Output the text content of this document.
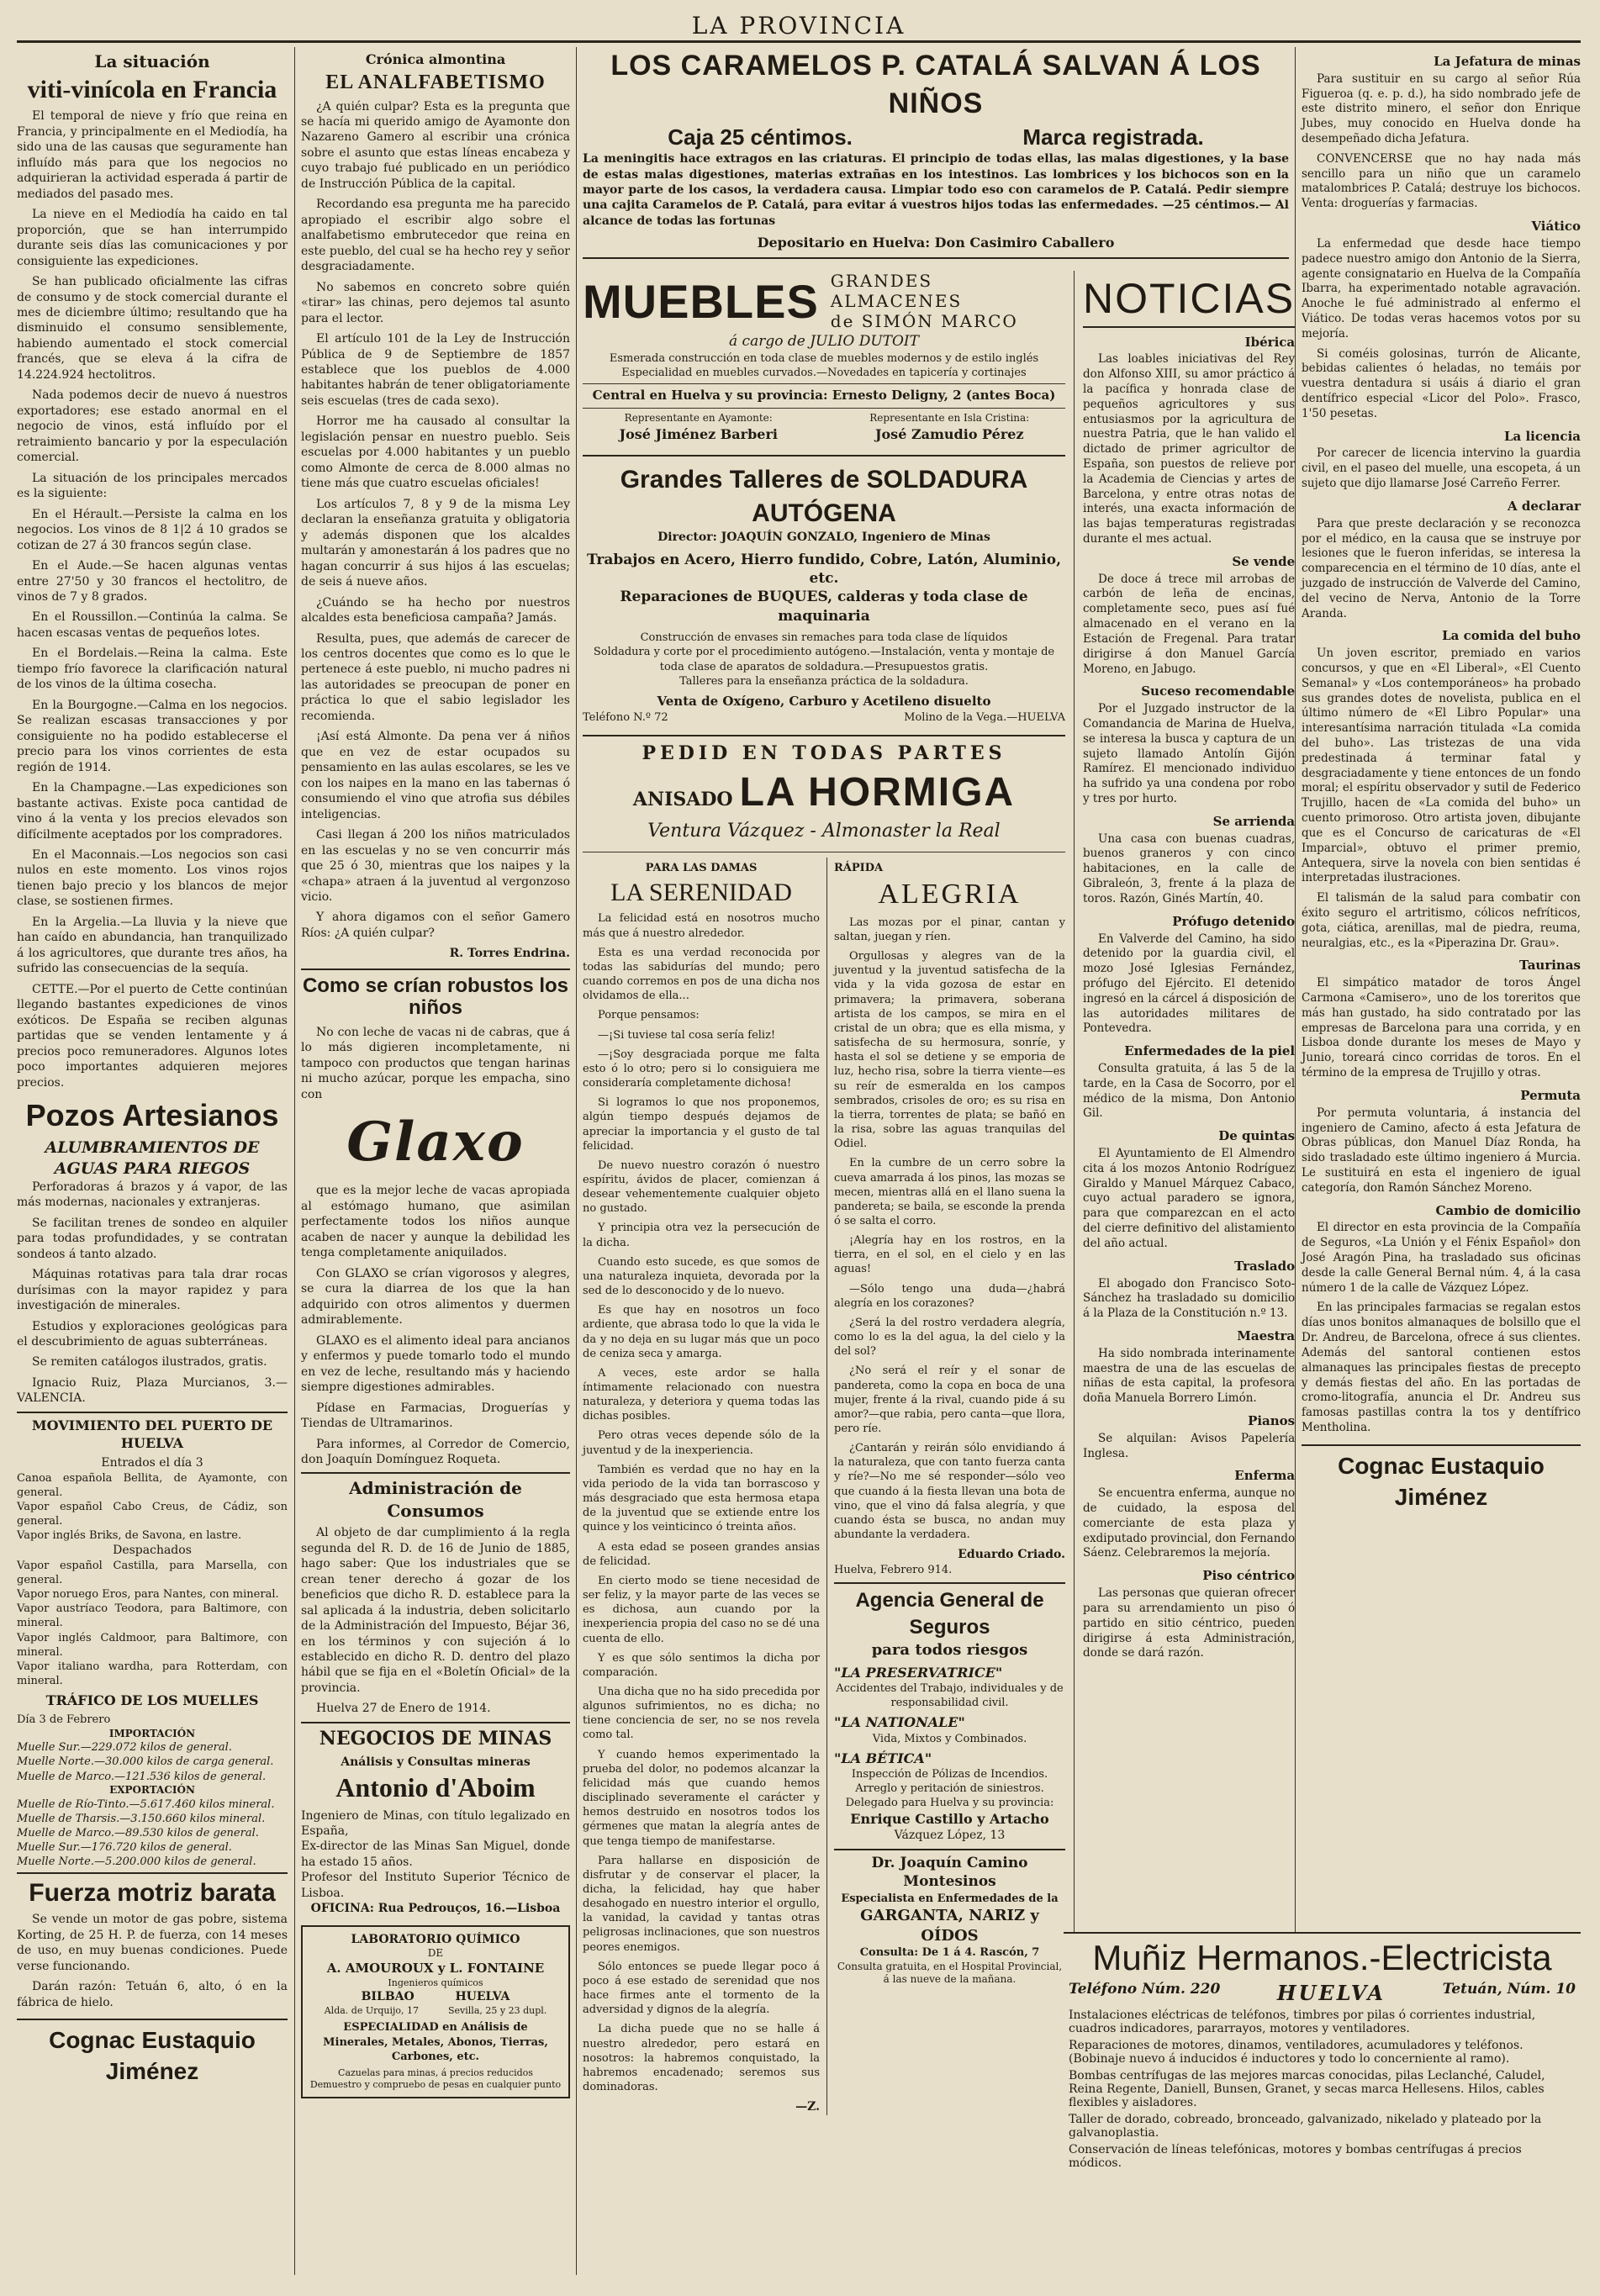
LA PROVINCIA
La situación
viti-vinícola en Francia

El temporal de nieve y frío que reina en Francia, y principalmente en el Mediodía, ha sido una de las causas que seguramente han influído más para que los negocios no adquirieran la actividad esperada á partir de mediados del pasado mes.

La nieve en el Mediodía ha caido en tal proporción, que se han interrumpido durante seis días las comunicaciones y por consiguiente las expediciones.

Se han publicado oficialmente las cifras de consumo y de stock comercial durante el mes de diciembre último; resultando que ha disminuido el consumo sensiblemente, habiendo aumentado el stock comercial francés, que se eleva á la cifra de 14.224.924 hectolitros.

Nada podemos decir de nuevo á nuestros exportadores; ese estado anormal en el negocio de vinos, está influído por el retraimiento bancario y por la especulación comercial.

La situación de los principales mercados es la siguiente:

En el Hérault.—Persiste la calma en los negocios. Los vinos de 8 1|2 á 10 grados se cotizan de 27 á 30 francos según clase.

En el Aude.—Se hacen algunas ventas entre 27'50 y 30 francos el hectolitro, de vinos de 7 y 8 grados.

En el Roussillon.—Continúa la calma. Se hacen escasas ventas de pequeños lotes.

En el Bordelais.—Reina la calma. Este tiempo frío favorece la clarificación natural de los vinos de la última cosecha.

En la Bourgogne.—Calma en los negocios. Se realizan escasas transacciones y por consiguiente no ha podido establecerse el precio para los vinos corrientes de esta región de 1914.

En la Champagne.—Las expediciones son bastante activas. Existe poca cantidad de vino á la venta y los precios elevados son difícilmente aceptados por los compradores.

En el Maconnais.—Los negocios son casi nulos en este momento. Los vinos rojos tienen bajo precio y los blancos de mejor clase, se sostienen firmes.

En la Argelia.—La lluvia y la nieve que han caído en abundancia, han tranquilizado á los agricultores, que durante tres años, ha sufrido las consecuencias de la sequía.

CETTE.—Por el puerto de Cette continúan llegando bastantes expediciones de vinos exóticos. De España se reciben algunas partidas que se venden lentamente y á precios poco remuneradores. Algunos lotes poco importantes adquieren mejores precios.

Pozos Artesianos
ALUMBRAMIENTOS DE AGUAS PARA RIEGOS

Perforadoras á brazos y á vapor, de las más modernas, nacionales y extranjeras.

Se facilitan trenes de sondeo en alquiler para todas profundidades, y se contratan sondeos á tanto alzado.

Máquinas rotativas para tala drar rocas durísimas con la mayor rapidez y para investigación de minerales.

Estudios y exploraciones geológicas para el descubrimiento de aguas subterráneas.

Se remiten catálogos ilustrados, gratis.

Ignacio Ruiz, Plaza Murcianos, 3.—VALENCIA.

MOVIMIENTO DEL PUERTO DE HUELVA
Entrados el día 3
Canoa española Bellita, de Ayamonte, con general.
Vapor español Cabo Creus, de Cádiz, son general.
Vapor inglés Briks, de Savona, en lastre.
Despachados
Vapor español Castilla, para Marsella, con general.
Vapor noruego Eros, para Nantes, con mineral.
Vapor austríaco Teodora, para Baltimore, con mineral.
Vapor inglés Caldmoor, para Baltimore, con mineral.
Vapor italiano wardha, para Rotterdam, con mineral.
TRÁFICO DE LOS MUELLES
Día 3 de Febrero
IMPORTACIÓN
Muelle Sur.—229.072 kilos de general.
Muelle Norte.—30.000 kilos de carga general.
Muelle de Marco.—121.536 kilos de general.
EXPORTACIÓN
Muelle de Río-Tinto.—5.617.460 kilos mineral.
Muelle de Tharsis.—3.150.660 kilos mineral.
Muelle de Marco.—89.530 kilos de general.
Muelle Sur.—176.720 kilos de general.
Muelle Norte.—5.200.000 kilos de general.
Fuerza motriz barata

Se vende un motor de gas pobre, sistema Korting, de 25 H. P. de fuerza, con 14 meses de uso, en muy buenas condiciones. Puede verse funcionando.

Darán razón: Tetuán 6, alto, ó en la fábrica de hielo.

Cognac Eustaquio Jiménez
Crónica almontina
EL ANALFABETISMO

¿A quién culpar? Esta es la pregunta que se hacía mi querido amigo de Ayamonte don Nazareno Gamero al escribir una crónica sobre el asunto que estas líneas encabeza y cuyo trabajo fué publicado en un periódico de Instrucción Pública de la capital.

Recordando esa pregunta me ha parecido apropiado el escribir algo sobre el analfabetismo embrutecedor que reina en este pueblo, del cual se ha hecho rey y señor desgraciadamente.

No sabemos en concreto sobre quién «tirar» las chinas, pero dejemos tal asunto para el lector.

El artículo 101 de la Ley de Instrucción Pública de 9 de Septiembre de 1857 establece que los pueblos de 4.000 habitantes habrán de tener obligatoriamente seis escuelas (tres de cada sexo).

Horror me ha causado al consultar la legislación pensar en nuestro pueblo. Seis escuelas por 4.000 habitantes y un pueblo como Almonte de cerca de 8.000 almas no tiene más que cuatro escuelas oficiales!

Los artículos 7, 8 y 9 de la misma Ley declaran la enseñanza gratuita y obligatoria y además disponen que los alcaldes multarán y amonestarán á los padres que no hagan concurrir á sus hijos á las escuelas; de seis á nueve años.

¿Cuándo se ha hecho por nuestros alcaldes esta beneficiosa campaña? Jamás.

Resulta, pues, que además de carecer de los centros docentes que como es lo que le pertenece á este pueblo, ni mucho padres ni las autoridades se preocupan de poner en práctica lo que el sabio legislador les recomienda.

¡Así está Almonte. Da pena ver á niños que en vez de estar ocupados su pensamiento en las aulas escolares, se les ve con los naipes en la mano en las tabernas ó consumiendo el vino que atrofia sus débiles inteligencias.

Casi llegan á 200 los niños matriculados en las escuelas y no se ven concurrir más que 25 ó 30, mientras que los naipes y la «chapa» atraen á la juventud al vergonzoso vicio.

Y ahora digamos con el señor Gamero Ríos: ¿A quién culpar?

R. Torres Endrina.
Como se crían robustos los niños

No con leche de vacas ni de cabras, que á lo más digieren incompletamente, ni tampoco con productos que tengan harinas ni mucho azúcar, porque les empacha, sino con

Glaxo

que es la mejor leche de vacas apropiada al estómago humano, que asimilan perfectamente todos los niños aunque acaben de nacer y aunque la debilidad les tenga completamente aniquilados.

Con GLAXO se crían vigorosos y alegres, se cura la diarrea de los que la han adquirido con otros alimentos y duermen admirablemente.

GLAXO es el alimento ideal para ancianos y enfermos y puede tomarlo todo el mundo en vez de leche, resultando más y haciendo siempre digestiones admirables.

Pídase en Farmacias, Droguerías y Tiendas de Ultramarinos.

Para informes, al Corredor de Comercio, don Joaquín Domínguez Roqueta.

Administración de Consumos

Al objeto de dar cumplimiento á la regla segunda del R. D. de 16 de Junio de 1885, hago saber: Que los industriales que se crean tener derecho á gozar de los beneficios que dicho R. D. establece para la sal aplicada á la industria, deben solicitarlo de la Administración del Impuesto, Béjar 36, en los términos y con sujeción á lo establecido en dicho R. D. dentro del plazo hábil que se fija en el «Boletín Oficial» de la provincia.

Huelva 27 de Enero de 1914.

NEGOCIOS DE MINAS
Análisis y Consultas mineras
Antonio d'Aboim
Ingeniero de Minas, con título legalizado en España,
Ex-director de las Minas San Miguel, donde ha estado 15 años.
Profesor del Instituto Superior Técnico de Lisboa.
OFICINA: Rua Pedrouços, 16.—Lisboa
LABORATORIO QUÍMICO
DE
A. AMOUROUX y L. FONTAINE
Ingenieros químicos
BILBAO          HUELVA
Alda. de Urquijo, 17          Sevilla, 25 y 23 dupl.
ESPECIALIDAD en Análisis de Minerales, Metales, Abonos, Tierras, Carbones, etc.
Cazuelas para minas, á precios reducidos
Demuestro y compruebo de pesas en cualquier punto
LOS CARAMELOS P. CATALÁ SALVAN Á LOS NIÑOS
Caja 25 céntimos.	Marca registrada.

La meningitis hace extragos en las criaturas. El principio de todas ellas, las malas digestiones, y la base de estas malas digestiones, materias extrañas en los intestinos. Las lombrices y los bichocos son en la mayor parte de los casos, la verdadera causa. Limpiar todo eso con caramelos de P. Catalá. Pedir siempre una cajita Caramelos de P. Catalá, para evitar á vuestros hijos todas las enfermedades. —25 céntimos.— Al alcance de todas las fortunas

Depositario en Huelva: Don Casimiro Caballero
MUEBLES GRANDES ALMACENES
de SIMÓN MARCO
á cargo de JULIO DUTOIT
Esmerada construcción en toda clase de muebles modernos y de estilo inglés
Especialidad en muebles curvados.—Novedades en tapicería y cortinajes
Central en Huelva y su provincia: Ernesto Deligny, 2 (antes Boca)
Representante en Ayamonte:
José Jiménez Barberi
Representante en Isla Cristina:
José Zamudio Pérez
Grandes Talleres de SOLDADURA AUTÓGENA
Director: JOAQUÍN GONZALO, Ingeniero de Minas
Trabajos en Acero, Hierro fundido, Cobre, Latón, Aluminio, etc.
Reparaciones de BUQUES, calderas y toda clase de maquinaria
Construcción de envases sin remaches para toda clase de líquidos
Soldadura y corte por el procedimiento autógeno.—Instalación, venta y montaje de toda clase de aparatos de soldadura.—Presupuestos gratis.
Talleres para la enseñanza práctica de la soldadura.
Venta de Oxígeno, Carburo y Acetileno disuelto
Teléfono N.º 72	Molino de la Vega.—HUELVA
PEDID EN TODAS PARTES
ANISADO LA HORMIGA
Ventura Vázquez - Almonaster la Real
PARA LAS DAMAS
LA SERENIDAD

La felicidad está en nosotros mucho más que á nuestro alrededor.

Esta es una verdad reconocida por todas las sabidurías del mundo; pero cuando corremos en pos de una dicha nos olvidamos de ella...

Porque pensamos:

—¡Si tuviese tal cosa sería feliz!

—¡Soy desgraciada porque me falta esto ó lo otro; pero si lo consiguiera me consideraría completamente dichosa!

Si logramos lo que nos proponemos, algún tiempo después dejamos de apreciar la importancia y el gusto de tal felicidad.

De nuevo nuestro corazón ó nuestro espíritu, ávidos de placer, comienzan á desear vehementemente cualquier objeto no gustado.

Y principia otra vez la persecución de la dicha.

Cuando esto sucede, es que somos de una naturaleza inquieta, devorada por la sed de lo desconocido y de lo nuevo.

Es que hay en nosotros un foco ardiente, que abrasa todo lo que la vida le da y no deja en su lugar más que un poco de ceniza seca y amarga.

A veces, este ardor se halla íntimamente relacionado con nuestra naturaleza, y deteriora y quema todas las dichas posibles.

Pero otras veces depende sólo de la juventud y de la inexperiencia.

También es verdad que no hay en la vida periodo de la vida tan borrascoso y más desgraciado que esta hermosa etapa de la juventud que se extiende entre los quince y los veinticinco ó treinta años.

A esta edad se poseen grandes ansias de felicidad.

En cierto modo se tiene necesidad de ser feliz, y la mayor parte de las veces se es dichosa, aun cuando por la inexperiencia propia del caso no se dé una cuenta de ello.

Y es que sólo sentimos la dicha por comparación.

Una dicha que no ha sido precedida por algunos sufrimientos, no es dicha; no tiene conciencia de ser, no se nos revela como tal.

Y cuando hemos experimentado la prueba del dolor, no podemos alcanzar la felicidad más que cuando hemos disciplinado severamente el carácter y hemos destruido en nosotros todos los gérmenes que matan la alegría antes de que tenga tiempo de manifestarse.

Para hallarse en disposición de disfrutar y de conservar el placer, la dicha, la felicidad, hay que haber desahogado en nuestro interior el orgullo, la vanidad, la cavidad y tantas otras peligrosas inclinaciones, que son nuestros peores enemigos.

Sólo entonces se puede llegar poco á poco á ese estado de serenidad que nos hace firmes ante el tormento de la adversidad y dignos de la alegría.

La dicha puede que no se halle á nuestro alrededor, pero estará en nosotros: la habremos conquistado, la habremos encadenado; seremos sus dominadoras.

—Z.
RÁPIDA
ALEGRIA

Las mozas por el pinar, cantan y saltan, juegan y ríen.

Orgullosas y alegres van de la juventud y la juventud satisfecha de la vida y la vida gozosa de estar en primavera; la primavera, soberana artista de los campos, se mira en el cristal de un obra; que es ella misma, y satisfecha de su hermosura, sonríe, y hasta el sol se detiene y se emporia de luz, hecho risa, sobre la tierra viente—es su reír de esmeralda en los campos sembrados, crisoles de oro; es su risa en la tierra, torrentes de plata; se bañó en la risa, sobre las aguas tranquilas del Odiel.

En la cumbre de un cerro sobre la cueva amarrada á los pinos, las mozas se mecen, mientras allá en el llano suena la pandereta; se baila, se esconde la prenda ó se salta el corro.

¡Alegría hay en los rostros, en la tierra, en el sol, en el cielo y en las aguas!

—Sólo tengo una duda—¿habrá alegría en los corazones?

¿Será la del rostro verdadera alegría, como lo es la del agua, la del cielo y la del sol?

¿No será el reír y el sonar de pandereta, como la copa en boca de una mujer, frente á la rival, cuando pide á su amor?—que rabia, pero canta—que llora, pero ríe.

¿Cantarán y reirán sólo envidiando á la naturaleza, que con tanto fuerza canta y ríe?—No me sé responder—sólo veo que cuando á la fiesta llevan una bota de vino, que el vino dá falsa alegría, y que cuando ésta se busca, no andan muy abundante la verdadera.

Eduardo Criado.
Huelva, Febrero 914.
Agencia General de Seguros
para todos riesgos
"LA PRESERVATRICE"
Accidentes del Trabajo, individuales y de responsabilidad civil.
"LA NATIONALE"
Vida, Mixtos y Combinados.
"LA BÉTICA"
Inspección de Pólizas de Incendios. Arreglo y peritación de siniestros.
Delegado para Huelva y su provincia:
Enrique Castillo y Artacho
Vázquez López, 13
Dr. Joaquín Camino Montesinos
Especialista en Enfermedades de la
GARGANTA, NARIZ y OÍDOS
Consulta: De 1 á 4. Rascón, 7
Consulta gratuita, en el Hospital Provincial, á las nueve de la mañana.
NOTICIAS
Ibérica

Las loables iniciativas del Rey don Alfonso XIII, su amor práctico á la pacífica y honrada clase de pequeños agricultores y sus entusiasmos por la agricultura de nuestra Patria, que le han valido el dictado de primer agricultor de España, son puestos de relieve por la Academia de Ciencias y artes de Barcelona, y entre otras notas de interés, una exacta información de las bajas temperaturas registradas durante el mes actual.

Se vende

De doce á trece mil arrobas de carbón de leña de encinas, completamente seco, pues así fué almacenado en el verano en la Estación de Fregenal. Para tratar dirigirse á don Manuel García Moreno, en Jabugo.

Suceso recomendable

Por el Juzgado instructor de la Comandancia de Marina de Huelva, se interesa la busca y captura de un sujeto llamado Antolín Gijón Ramírez. El mencionado individuo ha sufrido ya una condena por robo y tres por hurto.

Se arrienda

Una casa con buenas cuadras, buenos graneros y con cinco habitaciones, en la calle de Gibraleón, 3, frente á la plaza de toros. Razón, Ginés Martín, 40.

Prófugo detenido

En Valverde del Camino, ha sido detenido por la guardia civil, el mozo José Iglesias Fernández, prófugo del Ejército. El detenido ingresó en la cárcel á disposición de las autoridades militares de Pontevedra.

Enfermedades de la piel

Consulta gratuita, á las 5 de la tarde, en la Casa de Socorro, por el médico de la misma, Don Antonio Gil.

De quintas

El Ayuntamiento de El Almendro cita á los mozos Antonio Rodríguez Giraldo y Manuel Márquez Cabaco, cuyo actual paradero se ignora, para que comparezcan en el acto del cierre definitivo del alistamiento del año actual.

Traslado

El abogado don Francisco Soto-Sánchez ha trasladado su domicilio á la Plaza de la Constitución n.º 13.

Maestra

Ha sido nombrada interinamente maestra de una de las escuelas de niñas de esta capital, la profesora doña Manuela Borrero Limón.

Pianos

Se alquilan: Avisos Papelería Inglesa.

Enferma

Se encuentra enferma, aunque no de cuidado, la esposa del comerciante de esta plaza y exdiputado provincial, don Fernando Sáenz. Celebraremos la mejoría.

Piso céntrico

Las personas que quieran ofrecer para su arrendamiento un piso ó partido en sitio céntrico, pueden dirigirse á esta Administración, donde se dará razón.

La Jefatura de minas

Para sustituir en su cargo al señor Rúa Figueroa (q. e. p. d.), ha sido nombrado jefe de este distrito minero, el señor don Enrique Jubes, muy conocido en Huelva donde ha desempeñado dicha Jefatura.

CONVENCERSE que no hay nada más sencillo para un niño que un caramelo matalombrices P. Catalá; destruye los bichocos. Venta: droguerías y farmacias.

Viático

La enfermedad que desde hace tiempo padece nuestro amigo don Antonio de la Sierra, agente consignatario en Huelva de la Compañía Ibarra, ha experimentado notable agravación. Anoche le fué administrado al enfermo el Viático. De todas veras hacemos votos por su mejoría.

Si coméis golosinas, turrón de Alicante, bebidas calientes ó heladas, no temáis por vuestra dentadura si usáis á diario el gran dentífrico especial «Licor del Polo». Frasco, 1'50 pesetas.

La licencia

Por carecer de licencia intervino la guardia civil, en el paseo del muelle, una escopeta, á un sujeto que dijo llamarse José Carreño Ferrer.

A declarar

Para que preste declaración y se reconozca por el médico, en la causa que se instruye por lesiones que le fueron inferidas, se interesa la comparecencia en el término de 10 días, ante el juzgado de instrucción de Valverde del Camino, del vecino de Nerva, Antonio de la Torre Aranda.

La comida del buho

Un joven escritor, premiado en varios concursos, y que en «El Liberal», «El Cuento Semanal» y «Los contemporáneos» ha probado sus grandes dotes de novelista, publica en el último número de «El Libro Popular» una interesantísima narración titulada «La comida del buho». Las tristezas de una vida predestinada á terminar fatal y desgraciadamente y tiene entonces de un fondo moral; el espíritu observador y sutil de Federico Trujillo, hacen de «La comida del buho» un cuento primoroso. Otro artista joven, dibujante que es el Concurso de caricaturas de «El Imparcial», obtuvo el primer premio, Antequera, sirve la novela con bien sentidas é interpretadas ilustraciones.

El talismán de la salud para combatir con éxito seguro el artritismo, cólicos nefríticos, gota, ciática, arenillas, mal de piedra, reuma, neuralgias, etc., es la «Piperazina Dr. Grau».

Taurinas

El simpático matador de toros Ángel Carmona «Camisero», uno de los toreritos que más han gustado, ha sido contratado por las empresas de Barcelona para una corrida, y en Lisboa donde durante los meses de Mayo y Junio, toreará cinco corridas de toros. En el término de la empresa de Trujillo y otras.

Permuta

Por permuta voluntaria, á instancia del ingeniero de Camino, afecto á esta Jefatura de Obras públicas, don Manuel Díaz Ronda, ha sido trasladado este último ingeniero á Murcia. Le sustituirá en esta el ingeniero de igual categoría, don Ramón Sánchez Moreno.

Cambio de domicilio

El director en esta provincia de la Compañía de Seguros, «La Unión y el Fénix Español» don José Aragón Pina, ha trasladado sus oficinas desde la calle General Bernal núm. 4, á la casa número 1 de la calle de Vázquez López.

En las principales farmacias se regalan estos días unos bonitos almanaques de bolsillo que el Dr. Andreu, de Barcelona, ofrece á sus clientes. Además del santoral contienen estos almanaques las principales fiestas de precepto y demás fiestas del año. En las portadas de cromo-litografía, anuncia el Dr. Andreu sus famosas pastillas contra la tos y dentífrico Mentholina.

Cognac Eustaquio Jiménez
Muñiz Hermanos.-Electricista
Teléfono Núm. 220	HUELVA	Tetuán, Núm. 10
Instalaciones eléctricas de teléfonos, timbres por pilas ó corrientes industrial, cuadros indicadores, pararrayos, motores y ventiladores.
Reparaciones de motores, dinamos, ventiladores, acumuladores y teléfonos. (Bobinaje nuevo á inducidos é inductores y todo lo concerniente al ramo).
Bombas centrífugas de las mejores marcas conocidas, pilas Leclanché, Caludel, Reina Regente, Daniell, Bunsen, Granet, y secas marca Hellesens. Hilos, cables flexibles y aisladores.
Taller de dorado, cobreado, bronceado, galvanizado, nikelado y plateado por la galvanoplastia.
Conservación de líneas telefónicas, motores y bombas centrífugas á precios módicos.
